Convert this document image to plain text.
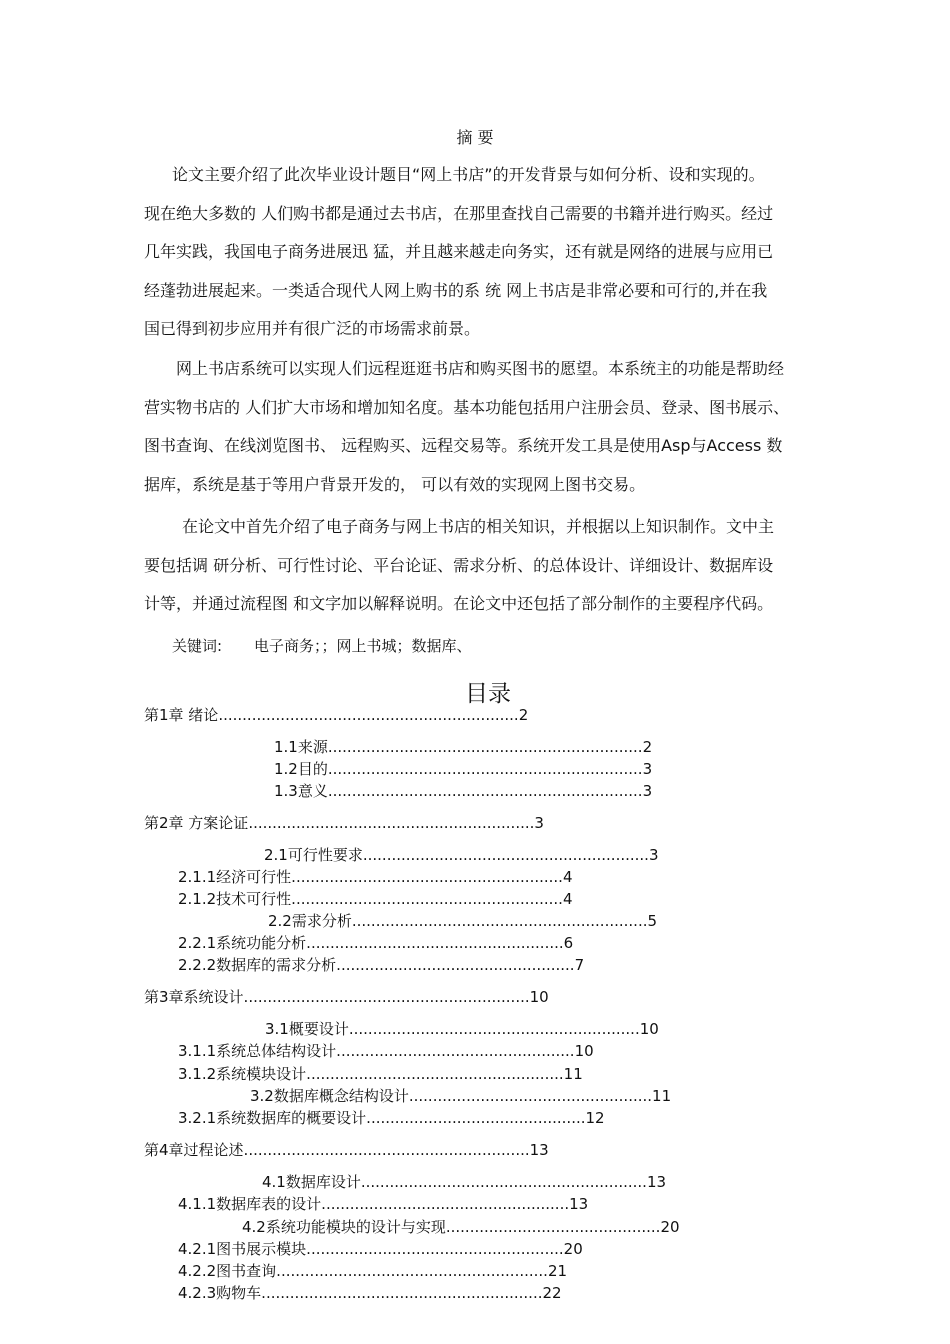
摘 要
论文主要介绍了此次毕业设计题目“网上书店”的开发背景与如何分析、设和实现的。
现在绝大多数的 人们购书都是通过去书店，在那里查找自己需要的书籍并进行购买。经过
几年实践，我国电子商务进展迅 猛，并且越来越走向务实，还有就是网络的进展与应用已
经蓬勃进展起来。一类适合现代人网上购书的系 统 网上书店是非常必要和可行的,并在我
国已得到初步应用并有很广泛的市场需求前景。
网上书店系统可以实现人们远程逛逛书店和购买图书的愿望。本系统主的功能是帮助经
营实物书店的 人们扩大市场和增加知名度。基本功能包括用户注册会员、登录、图书展示、
图书查询、在线浏览图书、 远程购买、远程交易等。系统开发工具是使用Asp与Access 数
据库，系统是基于等用户背景开发的， 可以有效的实现网上图书交易。
在论文中首先介绍了电子商务与网上书店的相关知识，并根据以上知识制作。文中主
要包括调 研分析、可行性讨论、平台论证、需求分析、的总体设计、详细设计、数据库设
计等，并通过流程图 和文字加以解释说明。在论文中还包括了部分制作的主要程序代码。
关键词: 电子商务；；网上书城；数据库、
目录
第1章 绪论...............................................................2
1.1来源..................................................................2
1.2目的..................................................................3
1.3意义..................................................................3
第2章 方案论证............................................................3
2.1可行性要求............................................................3
2.1.1经济可行性.........................................................4
2.1.2技术可行性.........................................................4
2.2需求分析..............................................................5
2.2.1系统功能分析......................................................6
2.2.2数据库的需求分析..................................................7
第3章系统设计............................................................10
3.1概要设计.............................................................10
3.1.1系统总体结构设计..................................................10
3.1.2系统模块设计......................................................11
3.2数据库概念结构设计...................................................11
3.2.1系统数据库的概要设计..............................................12
第4章过程论述............................................................13
4.1数据库设计............................................................13
4.1.1数据库表的设计....................................................13
4.2系统功能模块的设计与实现.............................................20
4.2.1图书展示模块......................................................20
4.2.2图书查询.........................................................21
4.2.3购物车...........................................................22
